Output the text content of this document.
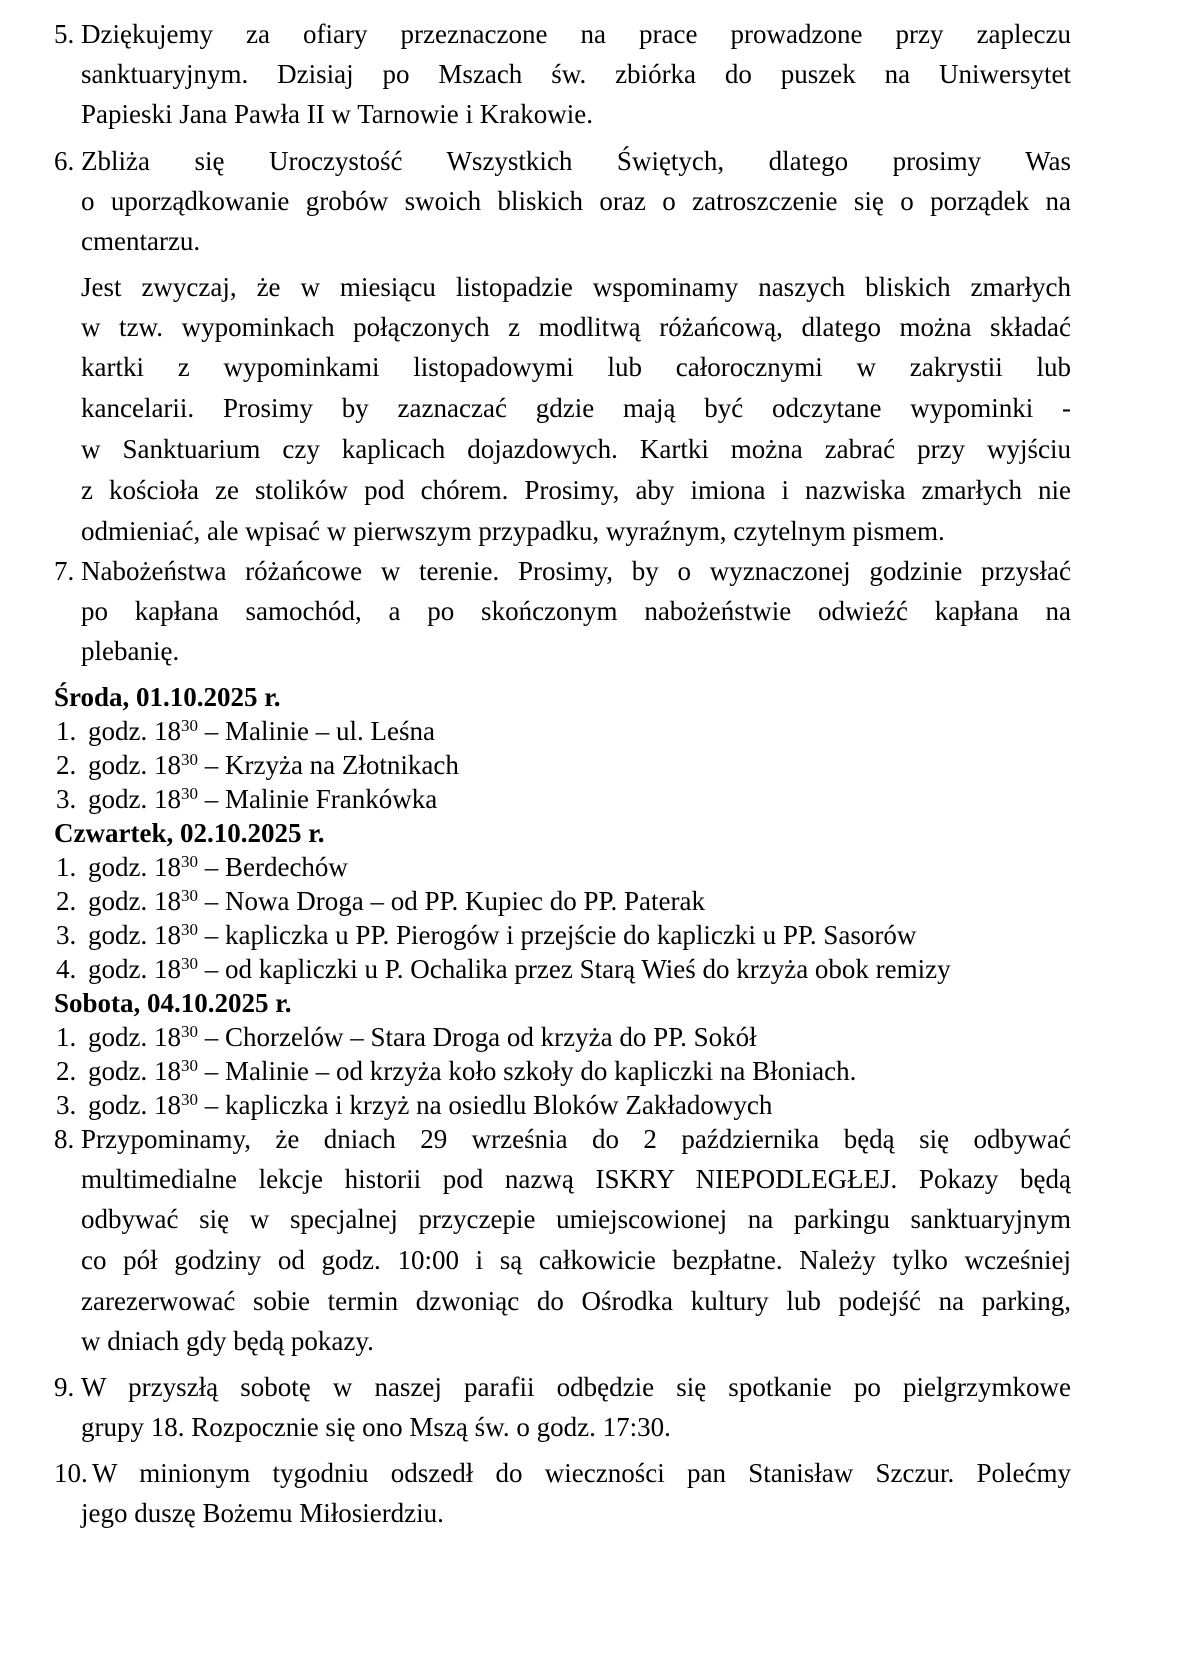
5. Dziękujemy za ofiary przeznaczone na prace prowadzone przy zapleczu
sanktuaryjnym. Dzisiaj po Mszach św. zbiórka do puszek na Uniwersytet
Papieski Jana Pawła II w Tarnowie i Krakowie.
6. Zbliża się Uroczystość Wszystkich Świętych, dlatego prosimy Was
o uporządkowanie grobów swoich bliskich oraz o zatroszczenie się o porządek na
cmentarzu.
Jest zwyczaj, że w miesiącu listopadzie wspominamy naszych bliskich zmarłych
w tzw. wypominkach połączonych z modlitwą różańcową, dlatego można składać
kartki z wypominkami listopadowymi lub całorocznymi w zakrystii lub
kancelarii. Prosimy by zaznaczać gdzie mają być odczytane wypominki -
w Sanktuarium czy kaplicach dojazdowych. Kartki można zabrać przy wyjściu
z kościoła ze stolików pod chórem. Prosimy, aby imiona i nazwiska zmarłych nie
odmieniać, ale wpisać w pierwszym przypadku, wyraźnym, czytelnym pismem.
7. Nabożeństwa różańcowe w terenie. Prosimy, by o wyznaczonej godzinie przysłać
po kapłana samochód, a po skończonym nabożeństwie odwieźć kapłana na
plebanię.
Środa, 01.10.2025 r.
1. godz. $18^{30}$ – Malinie – ul. Leśna
2. godz. $18^{30}$ – Krzyża na Złotnikach
3. godz. $18^{30}$ – Malinie Frankówka
Czwartek, 02.10.2025 r.
1. godz. $18^{30}$ – Berdechów
2. godz. $18^{30}$ – Nowa Droga – od PP. Kupiec do PP. Paterak
3. godz. $18^{30}$ – kapliczka u PP. Pierogów i przejście do kapliczki u PP. Sasorów
4. godz. $18^{30}$ – od kapliczki u P. Ochalika przez Starą Wieś do krzyża obok remizy
Sobota, 04.10.2025 r.
1. godz. $18^{30}$ – Chorzelów – Stara Droga od krzyża do PP. Sokół
2. godz. $18^{30}$ – Malinie – od krzyża koło szkoły do kapliczki na Błoniach.
3. godz. $18^{30}$ – kapliczka i krzyż na osiedlu Bloków Zakładowych
8. Przypominamy, że dniach 29 września do 2 października będą się odbywać
multimedialne lekcje historii pod nazwą ISKRY NIEPODLEGŁEJ. Pokazy będą
odbywać się w specjalnej przyczepie umiejscowionej na parkingu sanktuaryjnym
co pół godziny od godz. 10:00 i są całkowicie bezpłatne. Należy tylko wcześniej
zarezerwować sobie termin dzwoniąc do Ośrodka kultury lub podejść na parking,
w dniach gdy będą pokazy.
9. W przyszłą sobotę w naszej parafii odbędzie się spotkanie po pielgrzymkowe
grupy 18. Rozpocznie się ono Mszą św. o godz. 17:30.
10. W minionym tygodniu odszedł do wieczności pan Stanisław Szczur. Polećmy
jego duszę Bożemu Miłosierdziu.
